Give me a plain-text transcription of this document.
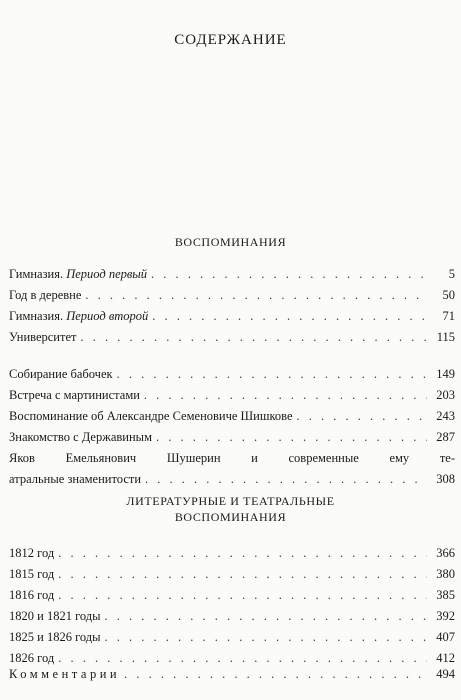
СОДЕРЖАНИЕ
ВОСПОМИНАНИЯ
Гимназия. Период первый . . .	5
Год в деревне . . .	50
Гимназия. Период второй . . .	71
Университет . . .	115
Собирание бабочек . . .	149
Встреча с мартинистами . . .	203
Воспоминание об Александре Семеновиче Шишкове . . .	243
Знакомство с Державиным . . .	287
Яков Емельянович Шушерин и современные ему те-
атральные знаменитости . . .	308
ЛИТЕРАТУРНЫЕ И ТЕАТРАЛЬНЫЕ
ВОСПОМИНАНИЯ
1812 год . . .	366
1815 год . . .	380
1816 год . . .	385
1820 и 1821 годы . . .	392
1825 и 1826 годы . . .	407
1826 год . . .	412
Комментарии . . .	494
